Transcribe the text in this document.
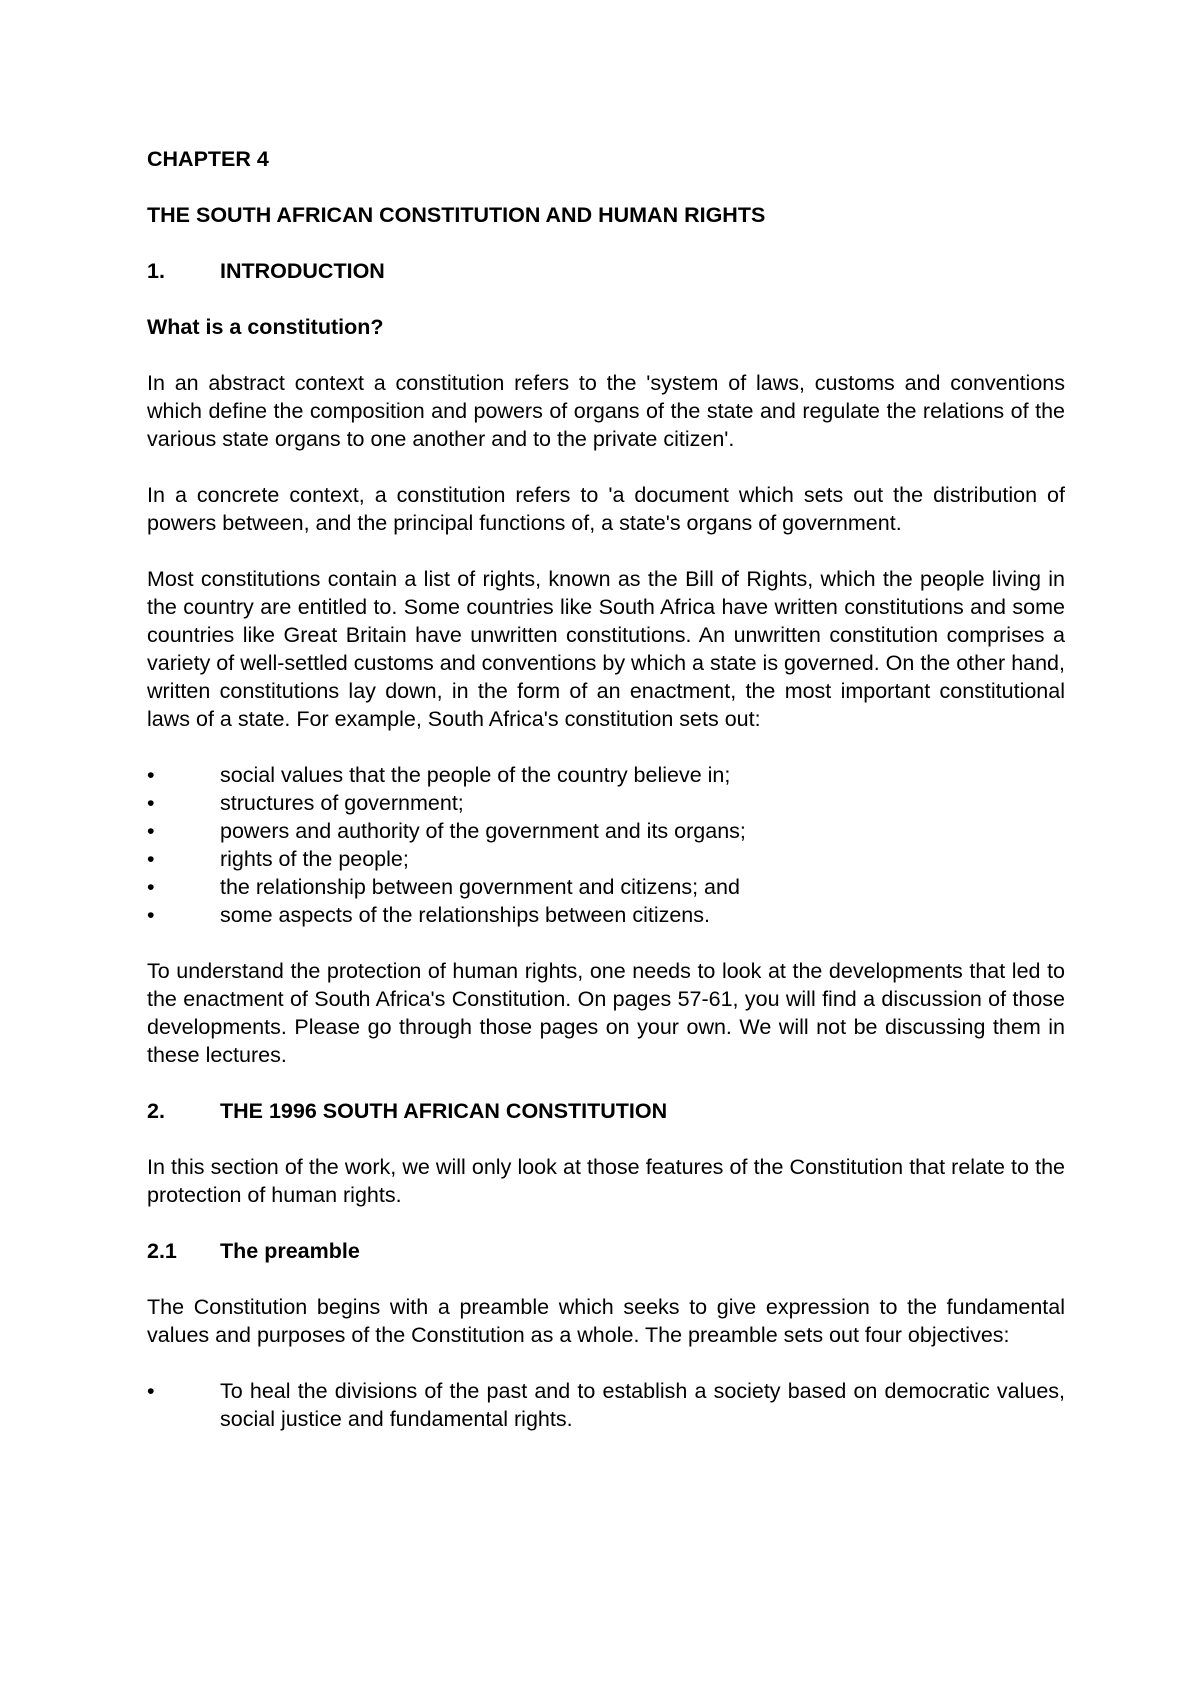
CHAPTER 4
THE SOUTH AFRICAN CONSTITUTION AND HUMAN RIGHTS
1.	INTRODUCTION
What is a constitution?

In an abstract context a constitution refers to the 'system of laws, customs and conventions which define the composition and powers of organs of the state and regulate the relations of the various state organs to one another and to the private citizen'.

In a concrete context, a constitution refers to 'a document which sets out the distribution of powers between, and the principal functions of, a state's organs of government.

Most constitutions contain a list of rights, known as the Bill of Rights, which the people living in the country are entitled to. Some countries like South Africa have written constitutions and some countries like Great Britain have unwritten constitutions. An unwritten constitution comprises a variety of well-settled customs and conventions by which a state is governed. On the other hand, written constitutions lay down, in the form of an enactment, the most important constitutional laws of a state. For example, South Africa's constitution sets out:

•	social values that the people of the country believe in;
•	structures of government;
•	powers and authority of the government and its organs;
•	rights of the people;
•	the relationship between government and citizens; and
•	some aspects of the relationships between citizens.

To understand the protection of human rights, one needs to look at the developments that led to the enactment of South Africa's Constitution. On pages 57-61, you will find a discussion of those developments. Please go through those pages on your own. We will not be discussing them in these lectures.

2.	THE 1996 SOUTH AFRICAN CONSTITUTION

In this section of the work, we will only look at those features of the Constitution that relate to the protection of human rights.

2.1	The preamble

The Constitution begins with a preamble which seeks to give expression to the fundamental values and purposes of the Constitution as a whole. The preamble sets out four objectives:

•	To heal the divisions of the past and to establish a society based on democratic values, social justice and fundamental rights.
